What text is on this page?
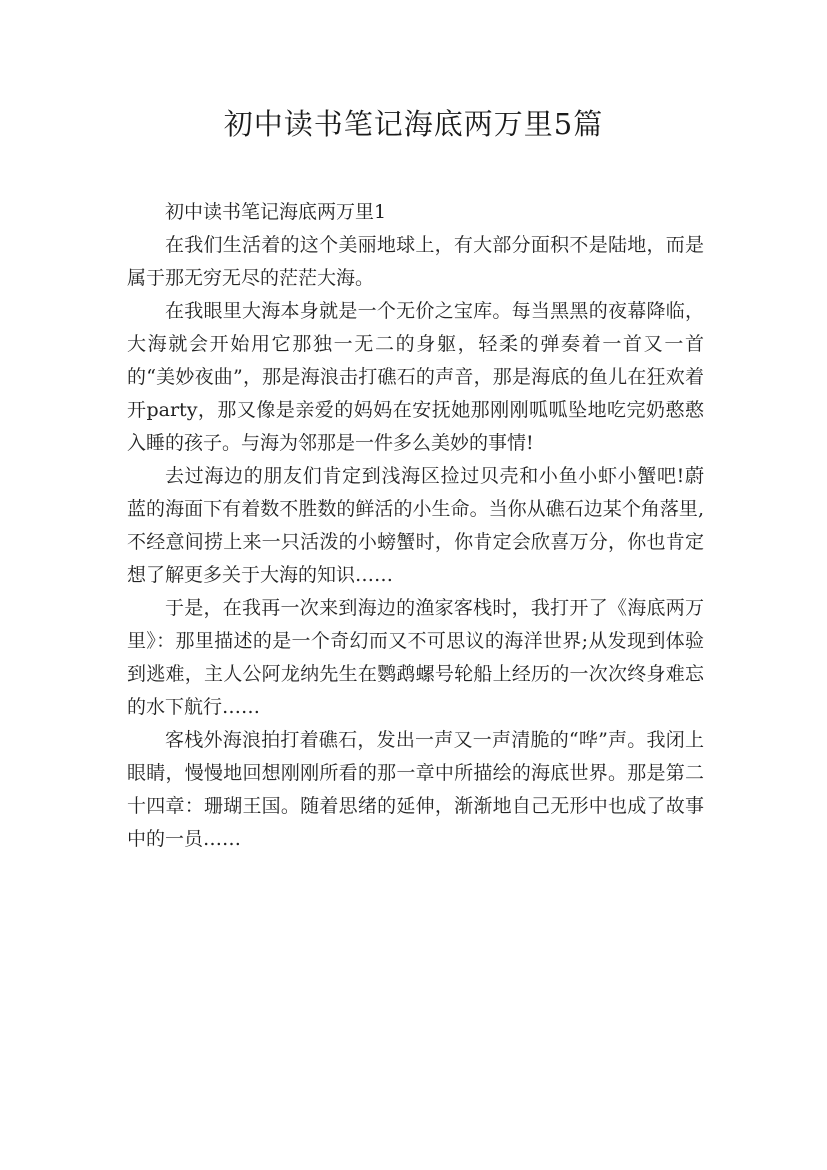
初中读书笔记海底两万里5篇

初中读书笔记海底两万里1

在我们生活着的这个美丽地球上，有大部分面积不是陆地，而是属于那无穷无尽的茫茫大海。

在我眼里大海本身就是一个无价之宝库。每当黑黑的夜幕降临，大海就会开始用它那独一无二的身躯，轻柔的弹奏着一首又一首的“美妙夜曲”，那是海浪击打礁石的声音，那是海底的鱼儿在狂欢着开party，那又像是亲爱的妈妈在安抚她那刚刚呱呱坠地吃完奶憨憨入睡的孩子。与海为邻那是一件多么美妙的事情!

去过海边的朋友们肯定到浅海区捡过贝壳和小鱼小虾小蟹吧!蔚蓝的海面下有着数不胜数的鲜活的小生命。当你从礁石边某个角落里,不经意间捞上来一只活泼的小螃蟹时，你肯定会欣喜万分，你也肯定想了解更多关于大海的知识……

于是，在我再一次来到海边的渔家客栈时，我打开了《海底两万里》：那里描述的是一个奇幻而又不可思议的海洋世界;从发现到体验到逃难，主人公阿龙纳先生在鹦鹉螺号轮船上经历的一次次终身难忘的水下航行……

客栈外海浪拍打着礁石，发出一声又一声清脆的“哗”声。我闭上眼睛，慢慢地回想刚刚所看的那一章中所描绘的海底世界。那是第二十四章：珊瑚王国。随着思绪的延伸，渐渐地自己无形中也成了故事中的一员……
